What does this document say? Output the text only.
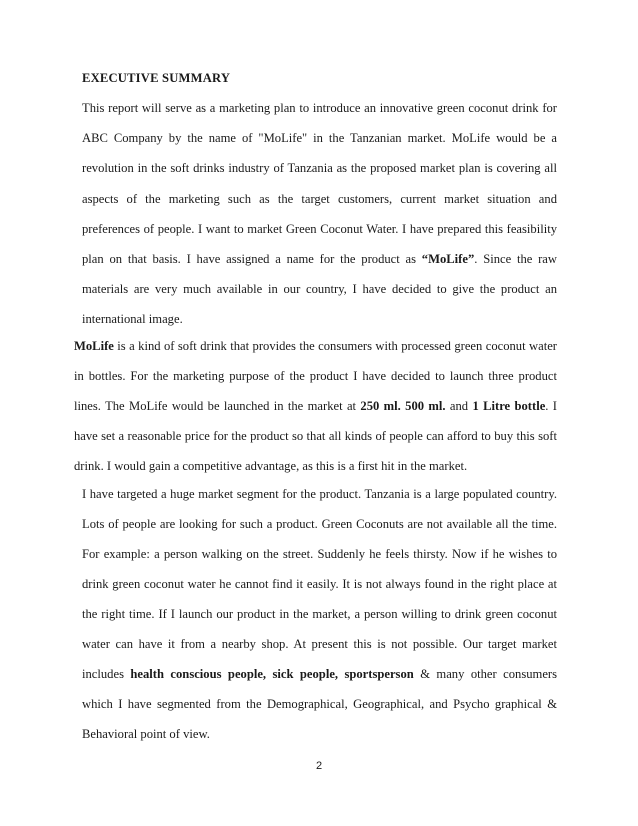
EXECUTIVE SUMMARY
This report will serve as a marketing plan to introduce an innovative green coconut drink for
ABC Company by the name of "MoLife" in the Tanzanian market. MoLife would be a
revolution in the soft drinks industry of Tanzania as the proposed market plan is covering all
aspects of the marketing such as the target customers, current market situation and
preferences of people. I want to market Green Coconut Water. I have prepared this feasibility
plan on that basis. I have assigned a name for the product as “MoLife”. Since the raw
materials are very much available in our country, I have decided to give the product an
international image.
MoLife is a kind of soft drink that provides the consumers with processed green coconut water
in bottles. For the marketing purpose of the product I have decided to launch three product
lines. The MoLife would be launched in the market at 250 ml. 500 ml. and 1 Litre bottle. I
have set a reasonable price for the product so that all kinds of people can afford to buy this soft
drink. I would gain a competitive advantage, as this is a first hit in the market.
I have targeted a huge market segment for the product. Tanzania is a large populated country.
Lots of people are looking for such a product. Green Coconuts are not available all the time.
For example: a person walking on the street. Suddenly he feels thirsty. Now if he wishes to
drink green coconut water he cannot find it easily. It is not always found in the right place at
the right time. If I launch our product in the market, a person willing to drink green coconut
water can have it from a nearby shop. At present this is not possible. Our target market
includes health conscious people, sick people, sportsperson & many other consumers
which I have segmented from the Demographical, Geographical, and Psycho graphical &
Behavioral point of view.
2
